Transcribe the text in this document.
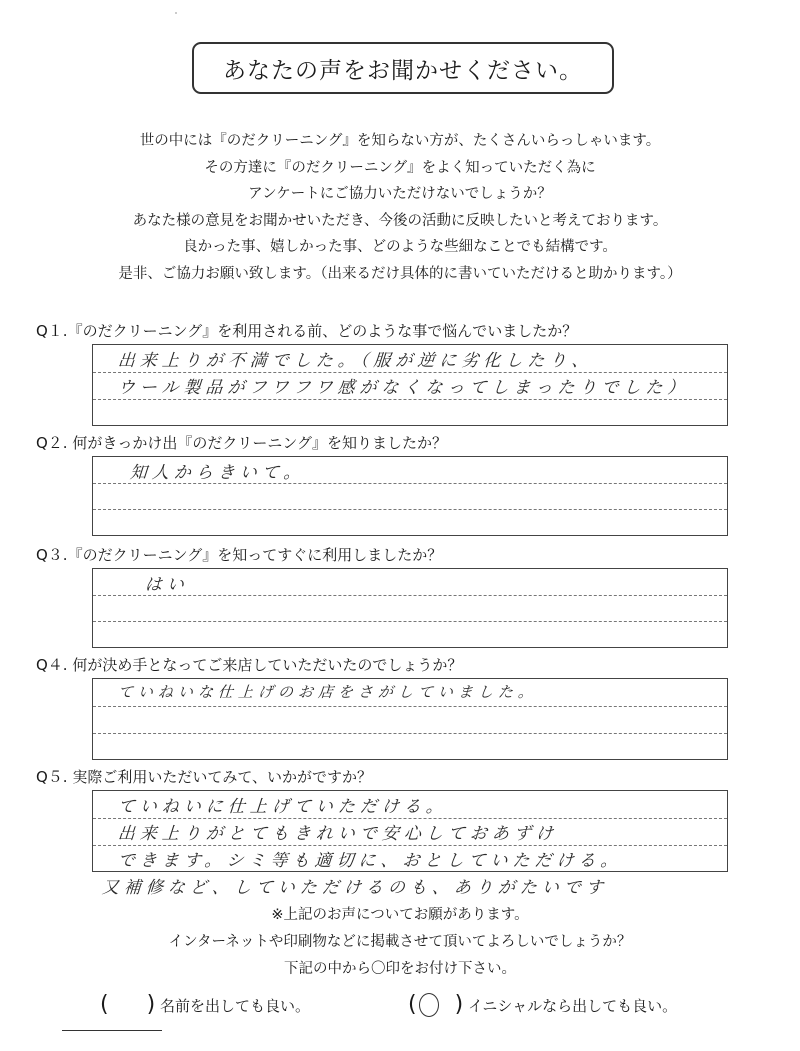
あなたの声をお聞かせください。
世の中には『のだクリーニング』を知らない方が、たくさんいらっしゃいます。
その方達に『のだクリーニング』をよく知っていただく為に
アンケートにご協力いただけないでしょうか？
あなた様の意見をお聞かせいただき、今後の活動に反映したいと考えております。
良かった事、嬉しかった事、どのような些細なことでも結構です。
是非、ご協力お願い致します。（出来るだけ具体的に書いていただけると助かります。）
Q１.『のだクリーニング』を利用される前、どのような事で悩んでいましたか？
出来上りが不満でした。（服が逆に劣化したり、
ウール製品がフワフワ感がなくなってしまったりでした）
Q２. 何がきっかけ出『のだクリーニング』を知りましたか？
知人からきいて。
Q３.『のだクリーニング』を知ってすぐに利用しましたか？
はい
Q４. 何が決め手となってご来店していただいたのでしょうか？
ていねいな仕上げのお店をさがしていました。
Q５. 実際ご利用いただいてみて、いかがですか？
ていねいに仕上げていただける。
出来上りがとてもきれいで安心しておあずけ
できます。シミ等も適切に、おとしていただける。
又補修など、していただけるのも、ありがたいです
※上記のお声についてお願があります。
インターネットや印刷物などに掲載させて頂いてよろしいでしょうか？
下記の中から〇印をお付け下さい。
( ) 名前を出しても良い。	( ) イニシャルなら出しても良い。
